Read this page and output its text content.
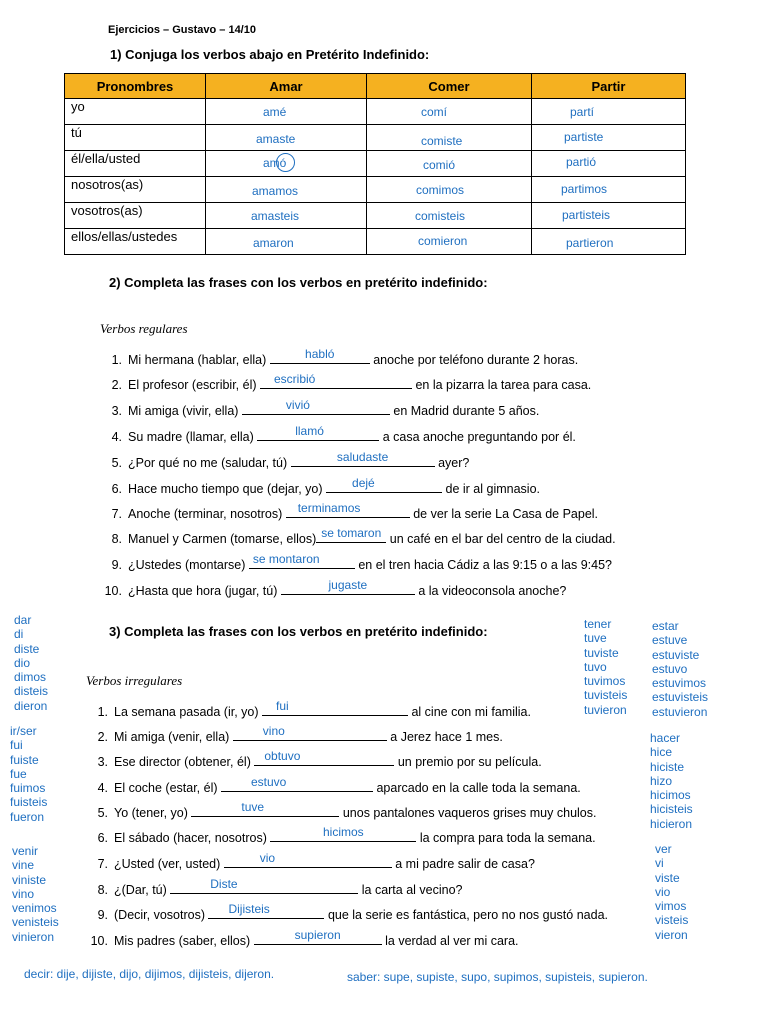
Ejercicios – Gustavo – 14/10
1) Conjuga los verbos abajo en Pretérito Indefinido:
Pronombres	Amar	Comer	Partir
yo	amé	comí	partí

tú	amaste	comiste	partiste

él/ella/usted	amó	comió	partió

nosotros(as)	amamos	comimos	partimos

vosotros(as)	amasteis	comisteis	partisteis

ellos/ellas/ustedes	amaron	comieron	partieron
2) Completa las frases con los verbos en pretérito indefinido:
Verbos regulares
1. Mi hermana (hablar, ella)	habló	anoche por teléfono durante 2 horas.
2. El profesor (escribir, él)	escribió	en la pizarra la tarea para casa.
3. Mi amiga (vivir, ella)	vivió	en Madrid durante 5 años.
4. Su madre (llamar, ella)	llamó	a casa anoche preguntando por él.
5. ¿Por qué no me (saludar, tú)	saludaste	ayer?
6. Hace mucho tiempo que (dejar, yo)	dejé	de ir al gimnasio.
7. Anoche (terminar, nosotros)	terminamos	de ver la serie La Casa de Papel.
8. Manuel y Carmen (tomarse, ellos) se tomaron un café en el bar del centro de la ciudad.
9. ¿Ustedes (montarse) se montaron	en el tren hacia Cádiz a las 9:15 o a las 9:45?
10. ¿Hasta que hora (jugar, tú)	jugaste	a la videoconsola anoche?
3) Completa las frases con los verbos en pretérito indefinido:
Verbos irregulares
1. La semana pasada (ir, yo)	fui	al cine con mi familia.
2. Mi amiga (venir, ella)	vino	a Jerez hace 1 mes.
3. Ese director (obtener, él) obtuvo	un premio por su película.
4. El coche (estar, él)	estuvo	aparcado en la calle toda la semana.
5. Yo (tener, yo)	tuve	unos pantalones vaqueros grises muy chulos.
6. El sábado (hacer, nosotros)	hicimos	la compra para toda la semana.
7. ¿Usted (ver, usted)	vio	a mi padre salir de casa?
8. ¿(Dar, tú)	Diste	la carta al vecino?
9. (Decir, vosotros)	Dijisteis	que la serie es fantástica, pero no nos gustó nada.
10. Mis padres (saber, ellos)	supieron	la verdad al ver mi cara.
dar
di
diste
dio
dimos
disteis
dieron
ir/ser
fui
fuiste
fue
fuimos
fuisteis
fueron
venir
vine
viniste
vino
venimos
venisteis
vinieron
tener
tuve
tuviste
tuvo
tuvimos
tuvisteis
tuvieron
estar
estuve
estuviste
estuvo
estuvimos
estuvisteis
estuvieron
hacer
hice
hiciste
hizo
hicimos
hicisteis
hicieron
ver
vi
viste
vio
vimos
visteis
vieron
decir: dije, dijiste, dijo, dijimos, dijisteis, dijeron.	saber: supe, supiste, supo, supimos, supisteis, supieron.
